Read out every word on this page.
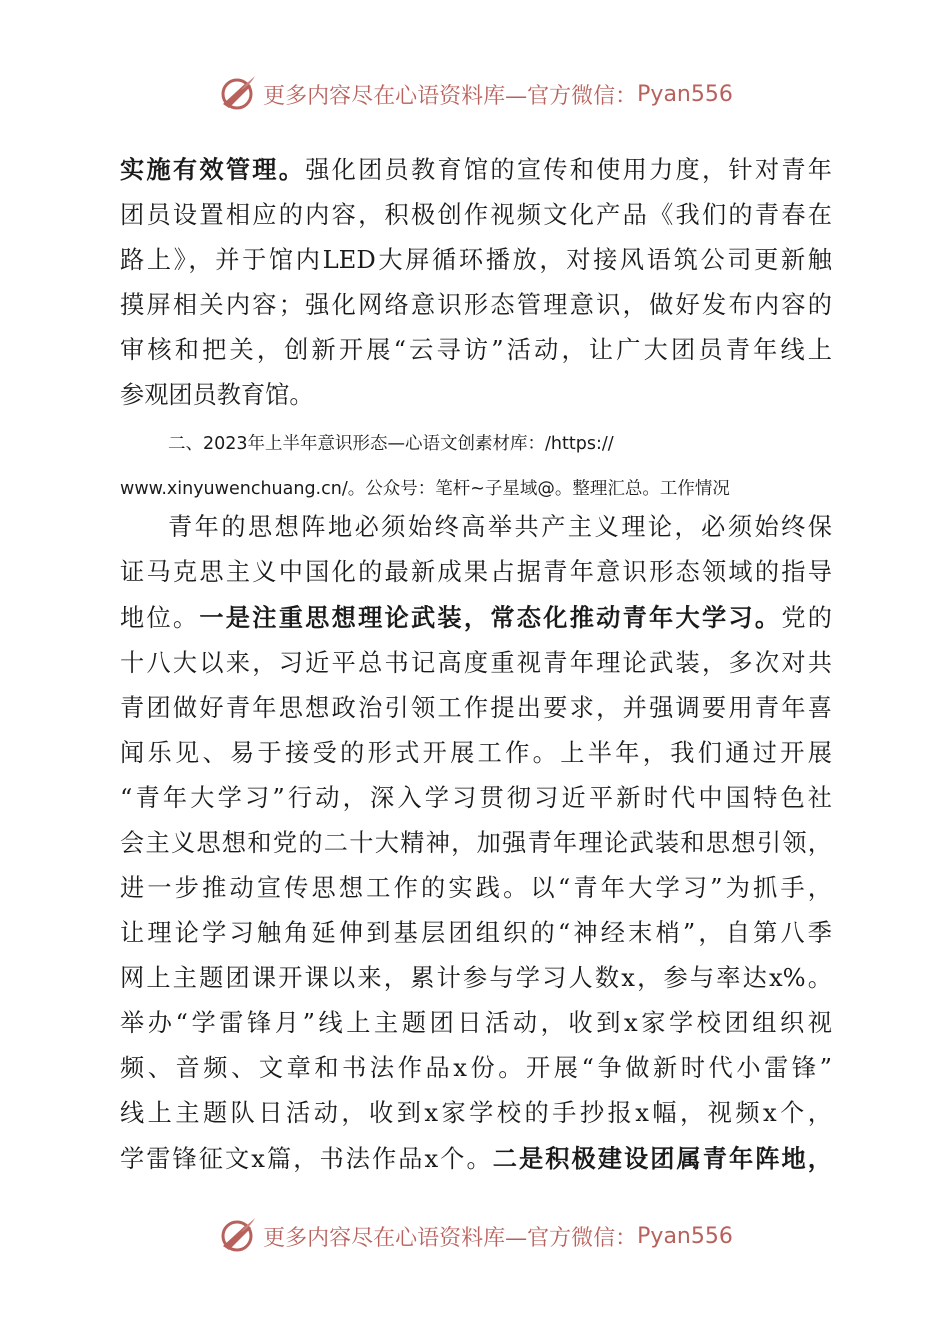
更多内容尽在心语资料库—官方微信： Pyan556
实施有效管理。强化团员教育馆的宣传和使用力度，针对青年
团员设置相应的内容，积极创作视频文化产品《我们的青春在
路上》，并于馆内LED大屏循环播放，对接风语筑公司更新触
摸屏相关内容；强化网络意识形态管理意识，做好发布内容的
审核和把关，创新开展“云寻访”活动，让广大团员青年线上
参观团员教育馆。
二、2023年上半年意识形态—心语文创素材库：/https://
www.xinyuwenchuang.cn/。公众号：笔杆~子星域@。整理汇总。工作情况
青年的思想阵地必须始终高举共产主义理论，必须始终保
证马克思主义中国化的最新成果占据青年意识形态领域的指导
地位。一是注重思想理论武装，常态化推动青年大学习。党的
十八大以来，习近平总书记高度重视青年理论武装，多次对共
青团做好青年思想政治引领工作提出要求，并强调要用青年喜
闻乐见、易于接受的形式开展工作。上半年，我们通过开展
“青年大学习”行动，深入学习贯彻习近平新时代中国特色社
会主义思想和党的二十大精神，加强青年理论武装和思想引领，
进一步推动宣传思想工作的实践。以“青年大学习”为抓手，
让理论学习触角延伸到基层团组织的“神经末梢”，自第八季
网上主题团课开课以来，累计参与学习人数x，参与率达x%。
举办“学雷锋月”线上主题团日活动，收到x家学校团组织视
频、音频、文章和书法作品x份。开展“争做新时代小雷锋”
线上主题队日活动，收到x家学校的手抄报x幅，视频x个，
学雷锋征文x篇，书法作品x个。二是积极建设团属青年阵地，
更多内容尽在心语资料库—官方微信： Pyan556
